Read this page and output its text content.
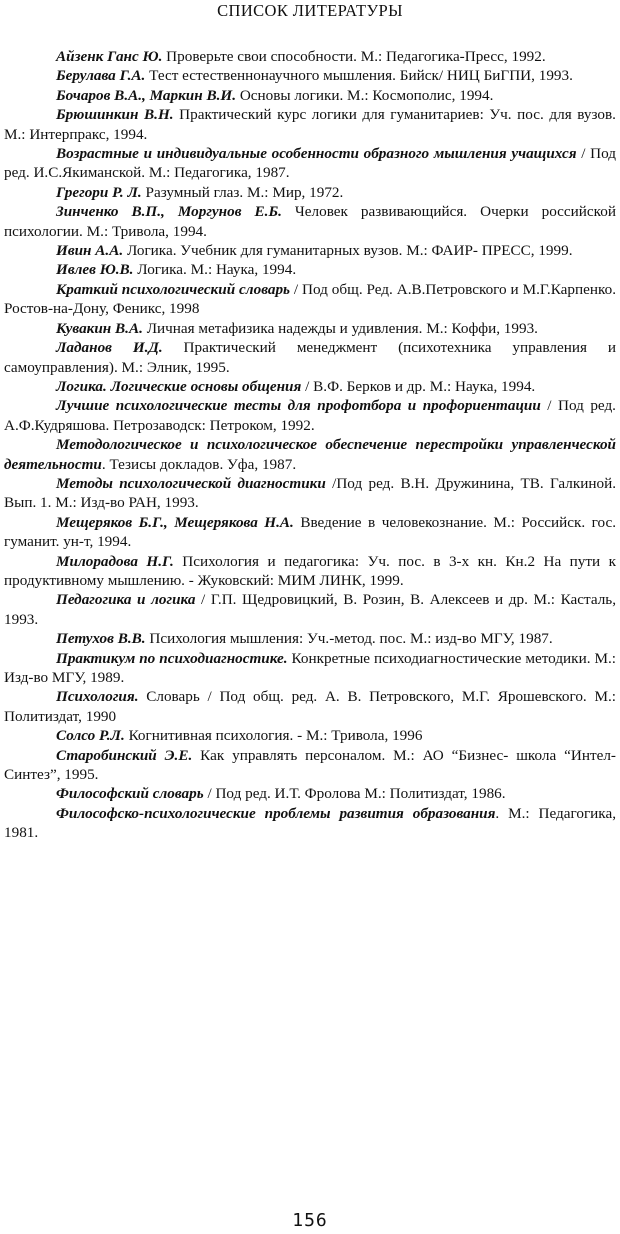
СПИСОК ЛИТЕРАТУРЫ

Айзенк Ганс Ю. Проверьте свои способности. М.: Педагогика-Пресс, 1992.

Берулава Г.А. Тест естественнонаучного мышления. Бийск/ НИЦ БиГПИ, 1993.

Бочаров В.А., Маркин В.И. Основы логики. М.: Космополис, 1994.

Брюшинкин В.Н. Практический курс логики для гуманитариев: Уч. пос. для вузов. М.: Интерпракс, 1994.

Возрастные и индивидуальные особенности образного мышления учащихся / Под ред. И.С.Якиманской. М.: Педагогика, 1987.

Грегори Р. Л. Разумный глаз. М.: Мир, 1972.

Зинченко В.П., Моргунов Е.Б. Человек развивающийся. Очерки российской психологии. М.: Тривола, 1994.

Ивин А.А. Логика. Учебник для гуманитарных вузов. М.: ФАИР- ПРЕСС, 1999.

Ивлев Ю.В. Логика. М.: Наука, 1994.

Краткий психологический словарь / Под общ. Ред. А.В.Петровского и М.Г.Карпенко. Ростов-на-Дону, Феникс, 1998

Кувакин В.А. Личная метафизика надежды и удивления. М.: Коффи, 1993.

Ладанов И.Д. Практический менеджмент (психотехника управления и самоуправления). М.: Элник, 1995.

Логика. Логические основы общения / В.Ф. Берков и др. М.: Наука, 1994.

Лучшие психологические тесты для профотбора и профориентации / Под ред. А.Ф.Кудряшова. Петрозаводск: Петроком, 1992.

Методологическое и психологическое обеспечение перестройки управленческой деятельности. Тезисы докладов. Уфа, 1987.

Методы психологической диагностики /Под ред. В.Н. Дружинина, ТВ. Галкиной. Вып. 1. М.: Изд-во РАН, 1993.

Мещеряков Б.Г., Мещерякова Н.А. Введение в человекознание. М.: Российск. гос. гуманит. ун-т, 1994.

Милорадова Н.Г. Психология и педагогика: Уч. пос. в 3-х кн. Кн.2 На пути к продуктивному мышлению. - Жуковский: МИМ ЛИНК, 1999.

Педагогика и логика / Г.П. Щедровицкий, В. Розин, В. Алексеев и др. М.: Касталь, 1993.

Петухов В.В. Психология мышления: Уч.-метод. пос. М.: изд-во МГУ, 1987.

Практикум по психодиагностике. Конкретные психодиагностические методики. М.: Изд-во МГУ, 1989.

Психология. Словарь / Под общ. ред. А. В. Петровского, М.Г. Ярошевского. М.: Политиздат, 1990

Солсо Р.Л. Когнитивная психология. - М.: Тривола, 1996

Старобинский Э.Е. Как управлять персоналом. М.: АО “Бизнес- школа “Интел-Синтез”, 1995.

Философский словарь / Под ред. И.Т. Фролова М.: Политиздат, 1986.

Философско-психологические проблемы развития образования. М.: Педагогика, 1981.

156
